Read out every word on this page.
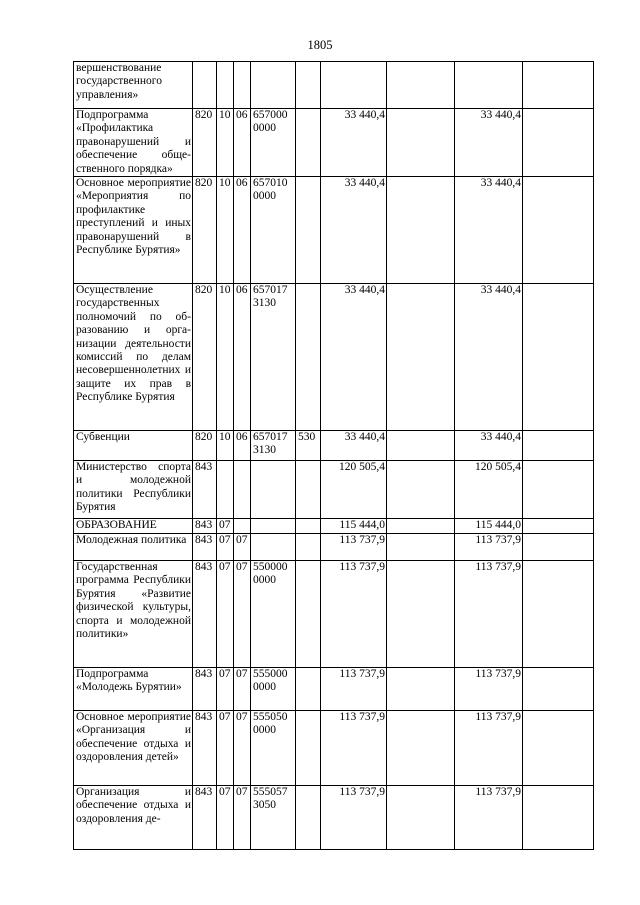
1805
вершенствование государственного управления»									
Подпрограмма «Профилактика правонарушений и обеспечение общественного порядка»	820	10	06	657000 0000		33 440,4		33 440,4	
Основное мероприятие «Мероприятия по профилактике преступлений и иных правонарушений в Республике Бурятия»	820	10	06	657010 0000		33 440,4		33 440,4	
Осуществление государственных полномочий по образованию и организации деятельности комиссий по делам несовершеннолетних и защите их прав в Республике Бурятия	820	10	06	657017 3130		33 440,4		33 440,4	
Субвенции	820	10	06	657017 3130	530	33 440,4		33 440,4	
Министерство спорта и молодежной политики Республики Бурятия	843					120 505,4		120 505,4	
ОБРАЗОВАНИЕ	843	07				115 444,0		115 444,0	
Молодежная политика	843	07	07			113 737,9		113 737,9	
Государственная программа Республики Бурятия «Развитие физической культуры, спорта и молодежной политики»	843	07	07	550000 0000		113 737,9		113 737,9	
Подпрограмма «Молодежь Бурятии»	843	07	07	555000 0000		113 737,9		113 737,9	
Основное мероприятие «Организация и обеспечение отдыха и оздоровления детей»	843	07	07	555050 0000		113 737,9		113 737,9	
Организация и обеспечение отдыха и оздоровления де-	843	07	07	555057 3050		113 737,9		113 737,9	
